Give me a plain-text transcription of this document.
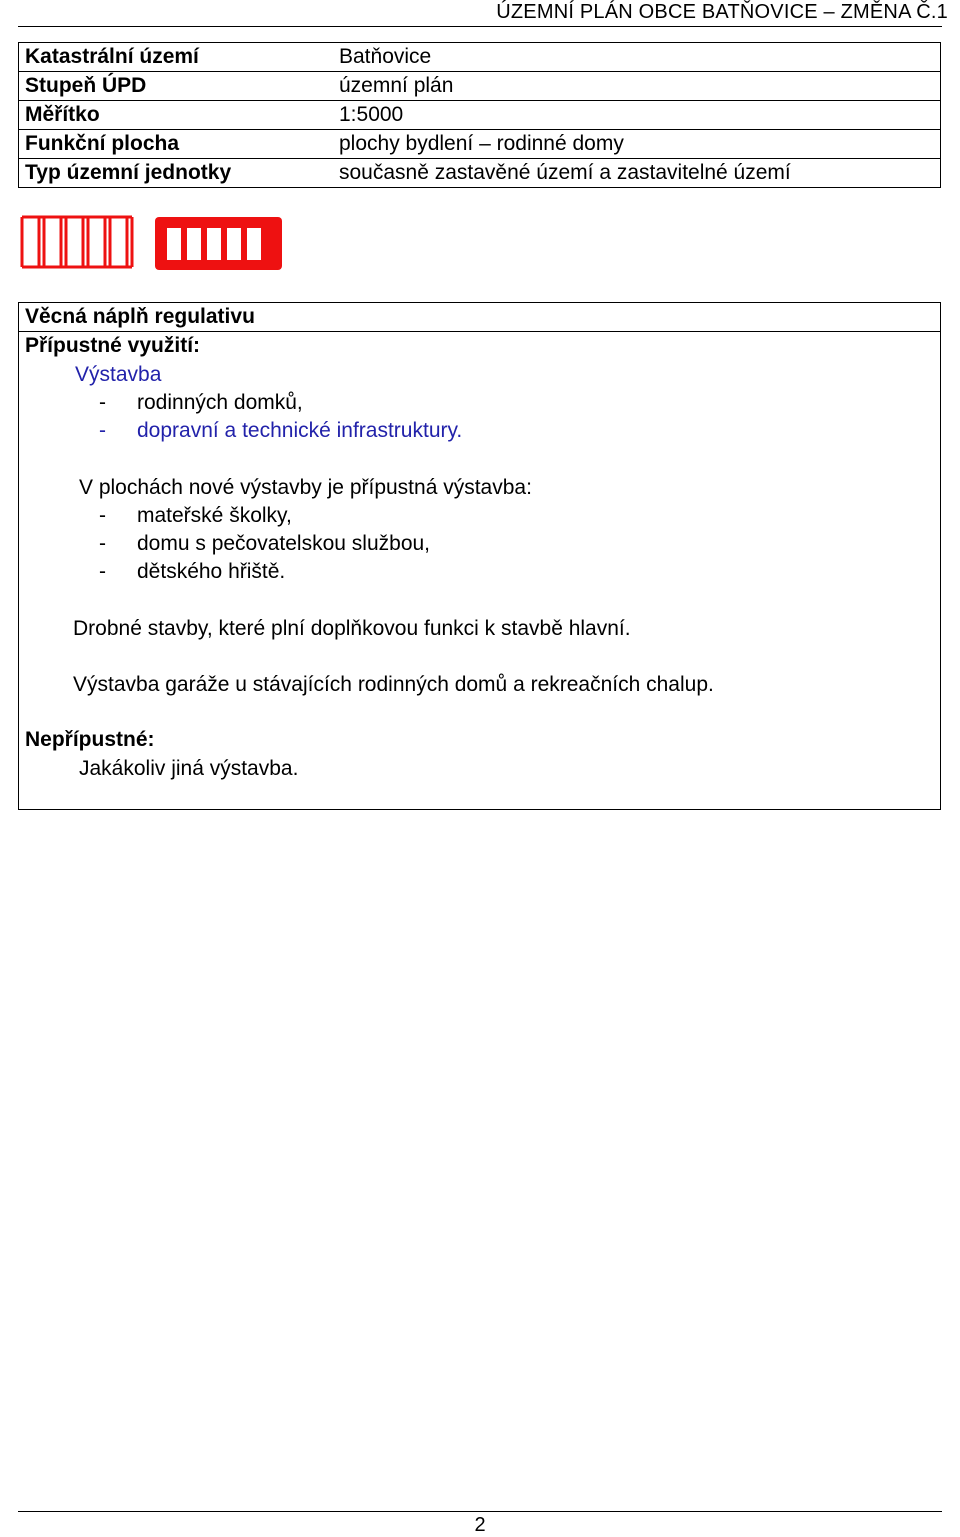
ÚZEMNÍ PLÁN OBCE BATŇOVICE – ZMĚNA Č.1
Katastrální území	Batňovice
Stupeň ÚPD	územní plán
Měřítko	1:5000
Funkční plocha	plochy bydlení – rodinné domy
Typ územní jednotky	současně zastavěné území a zastavitelné území
Věcná náplň regulativu
Přípustné využití:
Výstavba
- rodinných domků,
- dopravní a technické infrastruktury.
V plochách nové výstavby je přípustná výstavba:
- mateřské školky,
- domu s pečovatelskou službou,
- dětského hřiště.
Drobné stavby, které plní doplňkovou funkci k stavbě hlavní.
Výstavba garáže u stávajících rodinných domů a rekreačních chalup.
Nepřípustné:
Jakákoliv jiná výstavba.
2
